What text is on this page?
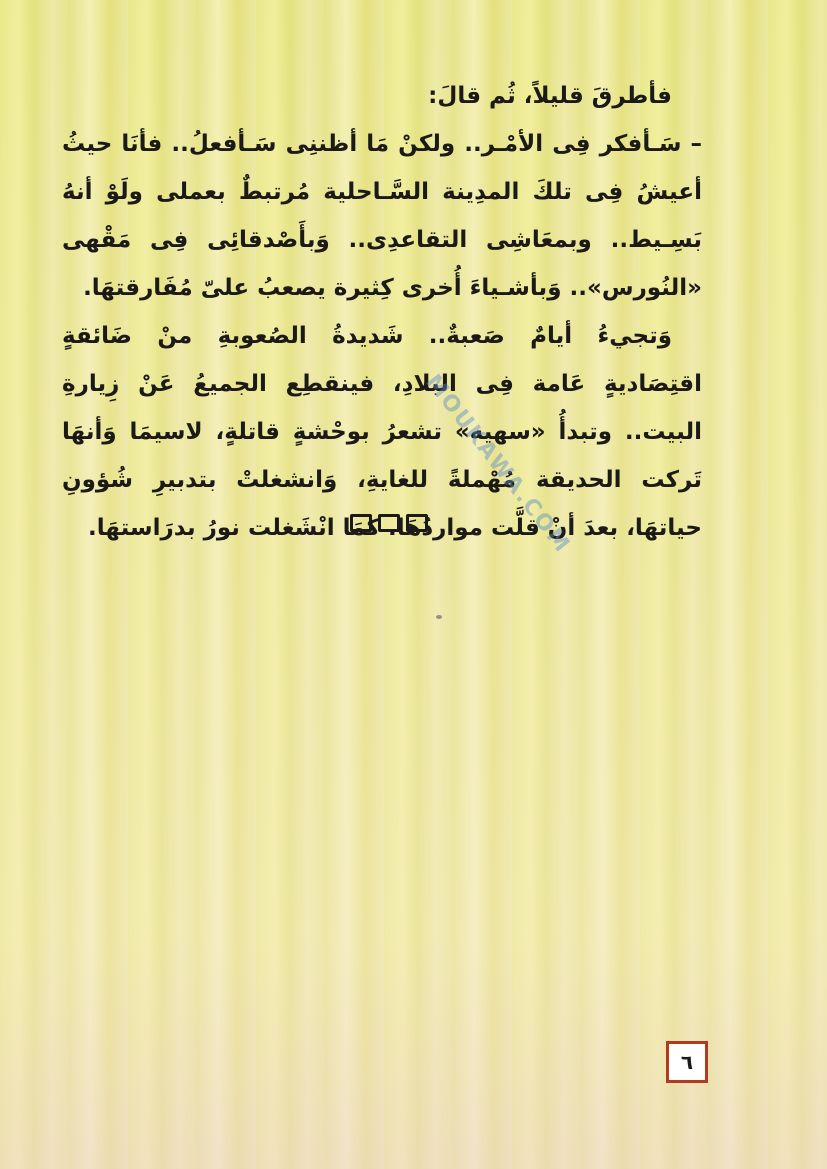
فأطرقَ قليلاً، ثُم قالَ:

– سَـأفكر فِى الأمْـر.. ولكنْ مَا أظننِى سَـأفعلُ.. فأنَا حيثُ أعيشُ فِى تلكَ المدِينة السَّـاحلية مُرتبطٌ بعملى ولَوْ أنهُ بَسِـيط.. وبمعَاشِى التقاعدِى.. وَبأَصْدقائِى فِى مَقْهى «النُورس».. وَبأشـياءَ أُخرى كِثيرة يصعبُ علىّ مُفَارقتهَا.

وَتجيءُ أيامٌ صَعبةٌ.. شَديدةُ الصُعوبةِ منْ ضَائقةٍ اقتِصَاديةٍ عَامة فِى البلادِ، فينقطِع الجميعُ عَنْ زِيارةِ البيت.. وتبدأُ «سهيه» تشعرُ بوحْشةٍ قاتلةٍ، لاسيمَا وَأنهَا تَركت الحديقة مُهْملةً للغايةِ، وَانشغلتْ بتدبيرِ شُؤونِ حياتهَا، بعدَ أنْ قلَّت مواردُهَا. كمَا انْشَغلت نورُ بدرَاستهَا.

MOUKAWA.COM
٦
